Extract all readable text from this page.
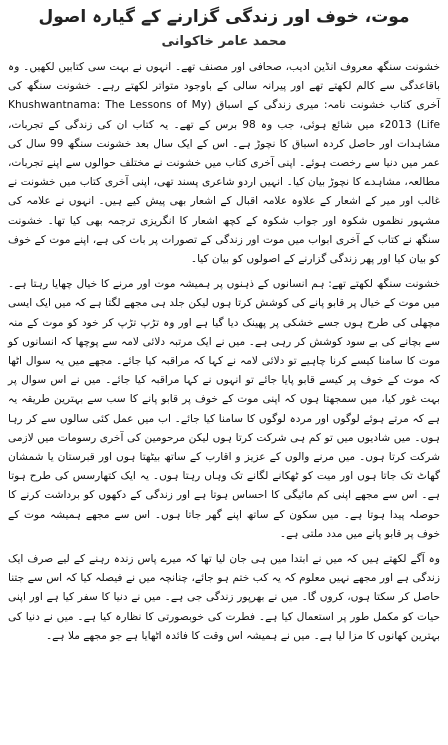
موت، خوف اور زندگی گزارنے کے گیارہ اصول
محمد عامر خاکوانی

خشونت سنگھ معروف انڈین ادیب، صحافی اور مصنف تھے۔ انہوں نے بہت سی کتابیں لکھیں۔ وہ باقاعدگی سے کالم لکھتے تھے اور پیرانہ سالی کے باوجود متواتر لکھتے رہے۔ خشونت سنگھ کی آخری کتاب خشونت نامہ: میری زندگی کے اسباق (Khushwantnama: The Lessons of My Life) 2013ء میں شائع ہوئی، جب وہ 98 برس کے تھے۔ یہ کتاب ان کی زندگی کے تجربات، مشاہدات اور حاصل کردہ اسباق کا نچوڑ ہے۔ اس کے ایک سال بعد خشونت سنگھ 99 سال کی عمر میں دنیا سے رخصت ہوئے۔ اپنی آخری کتاب میں خشونت نے مختلف حوالوں سے اپنے تجربات، مطالعہ، مشاہدے کا نچوڑ بیان کیا۔ انہیں اردو شاعری پسند تھی، اپنی آخری کتاب میں خشونت نے غالب اور میر کے اشعار کے علاوہ علامہ اقبال کے اشعار بھی پیش کیے ہیں۔ انہوں نے علامہ کی مشہور نظموں شکوہ اور جواب شکوہ کے کچھ اشعار کا انگریزی ترجمہ بھی کیا تھا۔ خشونت سنگھ نے کتاب کے آخری ابواب میں موت اور زندگی کے تصورات پر بات کی ہے، اپنے موت کے خوف کو بیان کیا اور پھر زندگی گزارنے کے اصولوں کو بیان کیا۔

خشونت سنگھ لکھتے تھے: ہم انسانوں کے ذہنوں پر ہمیشہ موت اور مرنے کا خیال چھایا رہتا ہے۔ میں موت کے خیال پر قابو پانے کی کوشش کرتا ہوں لیکن جلد ہی مجھے لگتا ہے کہ میں ایک ایسی مچھلی کی طرح ہوں جسے خشکی پر پھینک دیا گیا ہے اور وہ تڑپ تڑپ کر خود کو موت کے منہ سے بچانے کی بے سود کوشش کر رہی ہے۔ میں نے ایک مرتبہ دلائی لامہ سے پوچھا کہ انسانوں کو موت کا سامنا کیسے کرنا چاہیے تو دلائی لامہ نے کہا کہ مراقبہ کیا جائے۔ مجھے میں یہ سوال اٹھا کہ موت کے خوف پر کیسے قابو پایا جائے تو انہوں نے کہا مراقبہ کیا جائے۔ میں نے اس سوال پر بہت غور کیا، میں سمجھتا ہوں کہ اپنی موت کے خوف پر قابو پانے کا سب سے بہترین طریقہ یہ ہے کہ مرتے ہوئے لوگوں اور مردہ لوگوں کا سامنا کیا جائے۔ اب میں عمل کئی سالوں سے کر رہا ہوں۔ میں شادیوں میں تو کم ہی شرکت کرتا ہوں لیکن مرحومین کی آخری رسومات میں لازمی شرکت کرتا ہوں۔ میں مرنے والوں کے عزیز و اقارب کے ساتھ بیٹھتا ہوں اور قبرستان یا شمشان گھاٹ تک جاتا ہوں اور میت کو ٹھکانے لگانے تک وہاں رہتا ہوں۔ یہ ایک کتھارسس کی طرح ہوتا ہے۔ اس سے مجھے اپنی کم مائیگی کا احساس ہوتا ہے اور زندگی کے دکھوں کو برداشت کرنے کا حوصلہ پیدا ہوتا ہے۔ میں سکون کے ساتھ اپنے گھر جاتا ہوں۔ اس سے مجھے ہمیشہ موت کے خوف پر قابو پانے میں مدد ملتی ہے۔

وہ آگے لکھتے ہیں کہ میں نے ابتدا میں ہی جان لیا تھا کہ میرے پاس زندہ رہنے کے لیے صرف ایک زندگی ہے اور مجھے نہیں معلوم کہ یہ کب ختم ہو جائے، چنانچہ میں نے فیصلہ کیا کہ اس سے جتنا حاصل کر سکتا ہوں، کروں گا۔ میں نے بھرپور زندگی جی ہے۔ میں نے دنیا کا سفر کیا ہے اور اپنی حیات کو مکمل طور پر استعمال کیا ہے۔ فطرت کی خوبصورتی کا نظارہ کیا ہے۔ میں نے دنیا کی بہترین کھانوں کا مزا لیا ہے۔ میں نے ہمیشہ اس وقت کا فائدہ اٹھایا ہے جو مجھے ملا ہے۔
